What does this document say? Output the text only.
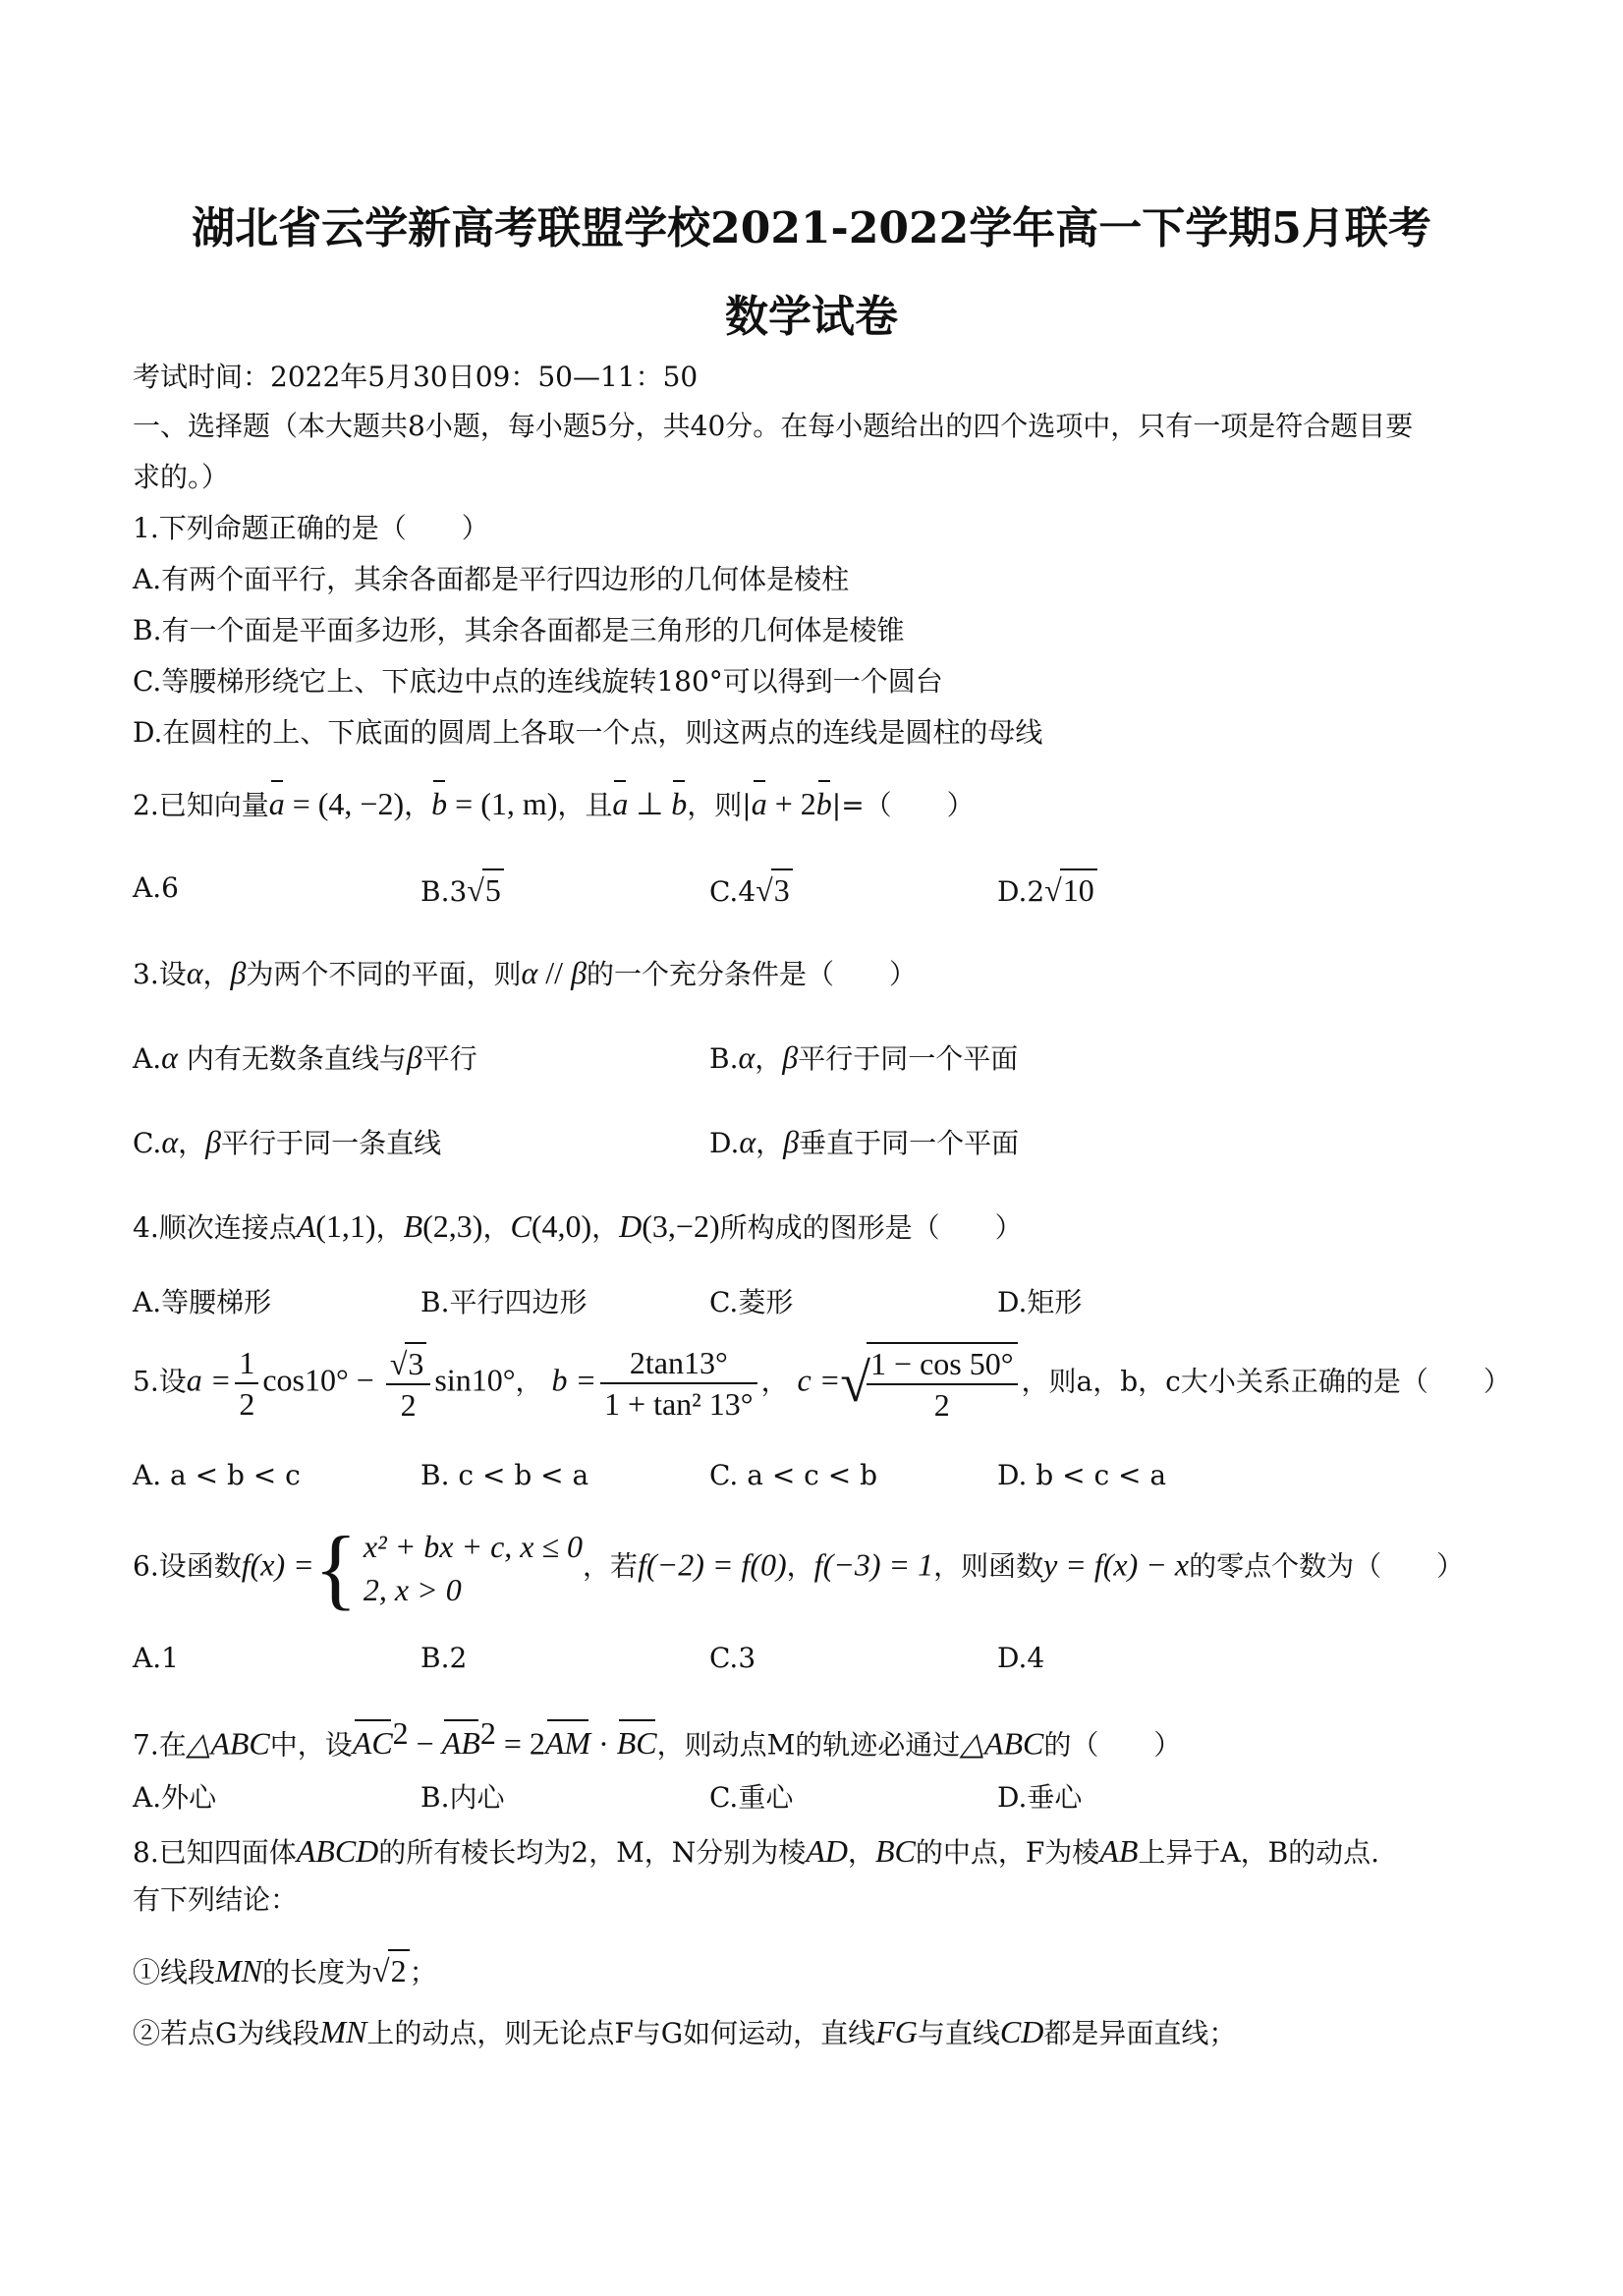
湖北省云学新高考联盟学校2021-2022学年高一下学期5月联考
数学试卷
考试时间：2022年5月30日09：50—11：50
一、选择题（本大题共8小题，每小题5分，共40分。在每小题给出的四个选项中，只有一项是符合题目要
求的。）
1.下列命题正确的是（　　）
A.有两个面平行，其余各面都是平行四边形的几何体是棱柱
B.有一个面是平面多边形，其余各面都是三角形的几何体是棱锥
C.等腰梯形绕它上、下底边中点的连线旋转180°可以得到一个圆台
D.在圆柱的上、下底面的圆周上各取一个点，则这两点的连线是圆柱的母线
2.已知向量a = (4, −2)，b = (1, m)，且a ⊥ b，则|a + 2b|=（　　）
A.6	B.3√5	C.4√3	D.2√10
3.设α，β为两个不同的平面，则α // β的一个充分条件是（　　）
A.α 内有无数条直线与β平行	B.α，β平行于同一个平面
C.α，β平行于同一条直线	D.α，β垂直于同一个平面
4.顺次连接点A(1,1)，B(2,3)，C(4,0)，D(3,−2)所构成的图形是（　　）
A.等腰梯形	B.平行四边形	C.菱形	D.矩形
5.设$a = \frac{1}{2} \cos 10^\circ - \frac{√3}{2} \sin 10^\circ$， $b = \frac{2\tan 13^\circ}{\text{1 + tan² 13°}}$ ， c =√
$\frac{1 - \cos 50^\circ}{2}$ ，则a，b，c大小关系正确的是（　　）
A. a < b < c	B. c < b < a	C. a < c < b	D. b < c < a
6.设函数f(x) ={ x² + bx + c, x ≤ 0
2, x > 0
，若f(−2) = f(0)，f(−3) = 1，则函数y = f(x) − x的零点个数为（　　）
A.1	B.2	C.3	D.4
7.在△ABC中，设$AC^2 - AB^2 = 2AM$ · BC，则动点M的轨迹必通过△ABC的（　　）
A.外心	B.内心	C.重心	D.垂心
8.已知四面体ABCD的所有棱长均为2，M，N分别为棱AD，BC的中点，F为棱AB上异于A，B的动点.
有下列结论：
①线段MN的长度为√2 ；
②若点G为线段MN上的动点，则无论点F与G如何运动，直线FG与直线CD都是异面直线；
